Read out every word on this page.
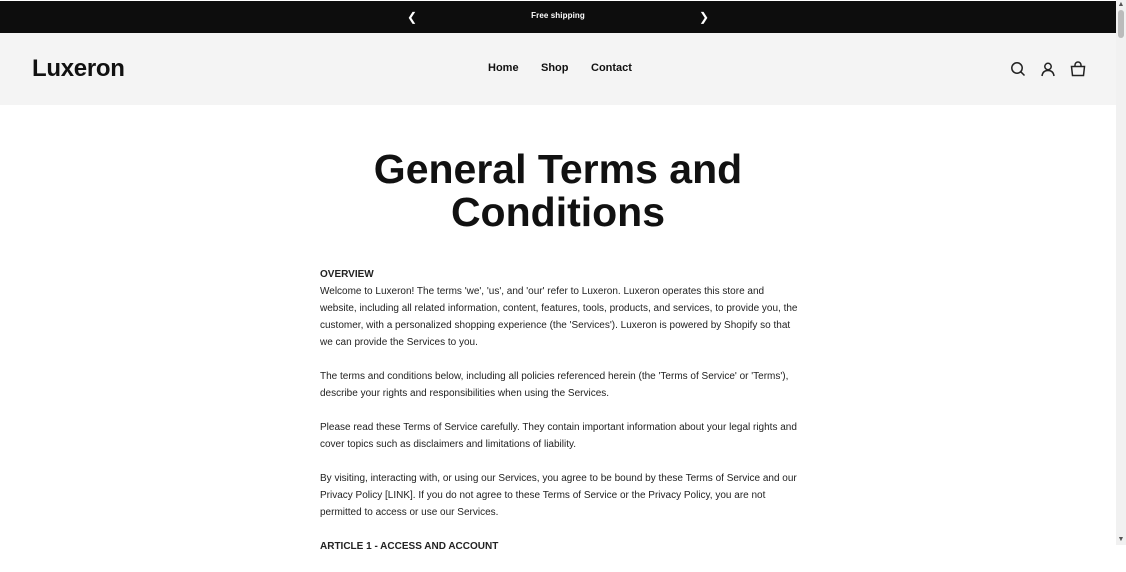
❮	Free shipping	❯
Luxeron	Home Shop Contact
General Terms and
Conditions

OVERVIEW
Welcome to Luxeron! The terms 'we', 'us', and 'our' refer to Luxeron. Luxeron operates this store and website, including all related information, content, features, tools, products, and services, to provide you, the customer, with a personalized shopping experience (the 'Services'). Luxeron is powered by Shopify so that we can provide the Services to you.

The terms and conditions below, including all policies referenced herein (the 'Terms of Service' or 'Terms'), describe your rights and responsibilities when using the Services.

Please read these Terms of Service carefully. They contain important information about your legal rights and cover topics such as disclaimers and limitations of liability.

By visiting, interacting with, or using our Services, you agree to be bound by these Terms of Service and our Privacy Policy [LINK]. If you do not agree to these Terms of Service or the Privacy Policy, you are not permitted to access or use our Services.

ARTICLE 1 - ACCESS AND ACCOUNT

▲
▼
